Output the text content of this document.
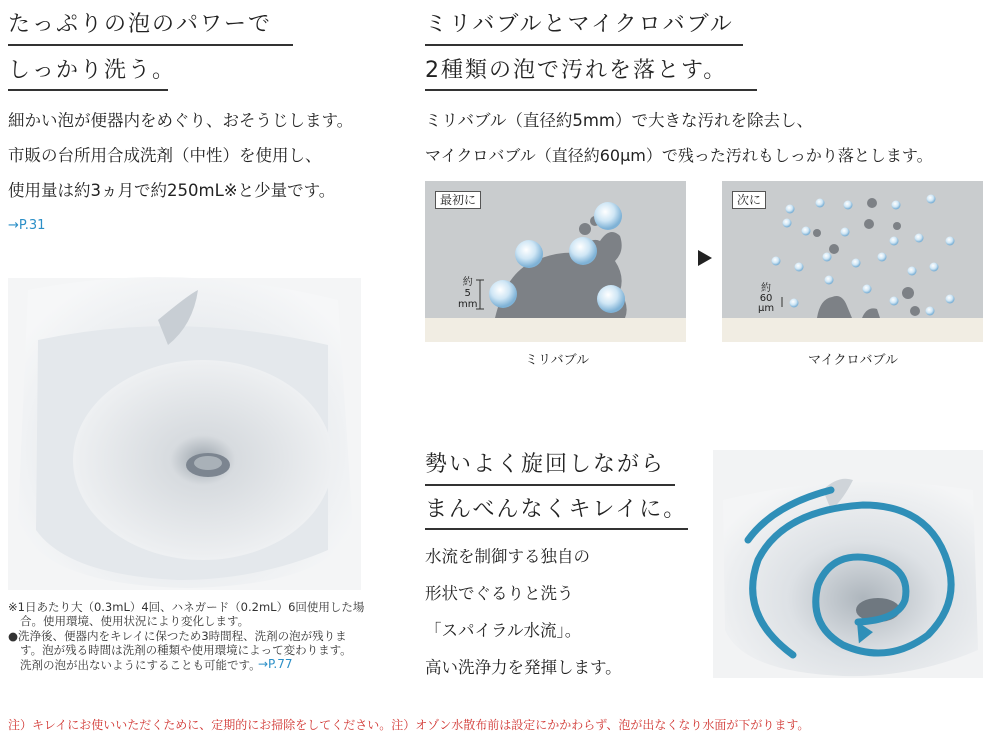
たっぷりの泡のパワーで
しっかり洗う。
細かい泡が便器内をめぐり、おそうじします。
市販の台所用合成洗剤（中性）を使用し、
使用量は約3ヵ月で約250mL※と少量です。
→P.31
※1日あたり大（0.3mL）4回、ハネガード（0.2mL）6回使用した場
合。使用環境、使用状況により変化します。
●洗浄後、便器内をキレイに保つため3時間程、洗剤の泡が残りま
す。泡が残る時間は洗剤の種類や使用環境によって変わります。
洗剤の泡が出ないようにすることも可能です。
→P.77
ミリバブルとマイクロバブル
2種類の泡で汚れを落とす。
ミリバブル（直径約5mm）で大きな汚れを除去し、
マイクロバブル（直径約60μm）で残った汚れもしっかり落とします。
最初に
約
5
mm
ミリバブル
次に
約
60
μm
マイクロバブル
勢いよく旋回しながら
まんべんなくキレイに。
水流を制御する独自の
形状でぐるりと洗う
「スパイラル水流」。
高い洗浄力を発揮します。
注）キレイにお使いいただくために、定期的にお掃除をしてください。注）オゾン水散布前は設定にかかわらず、泡が出なくなり水面が下がります。
